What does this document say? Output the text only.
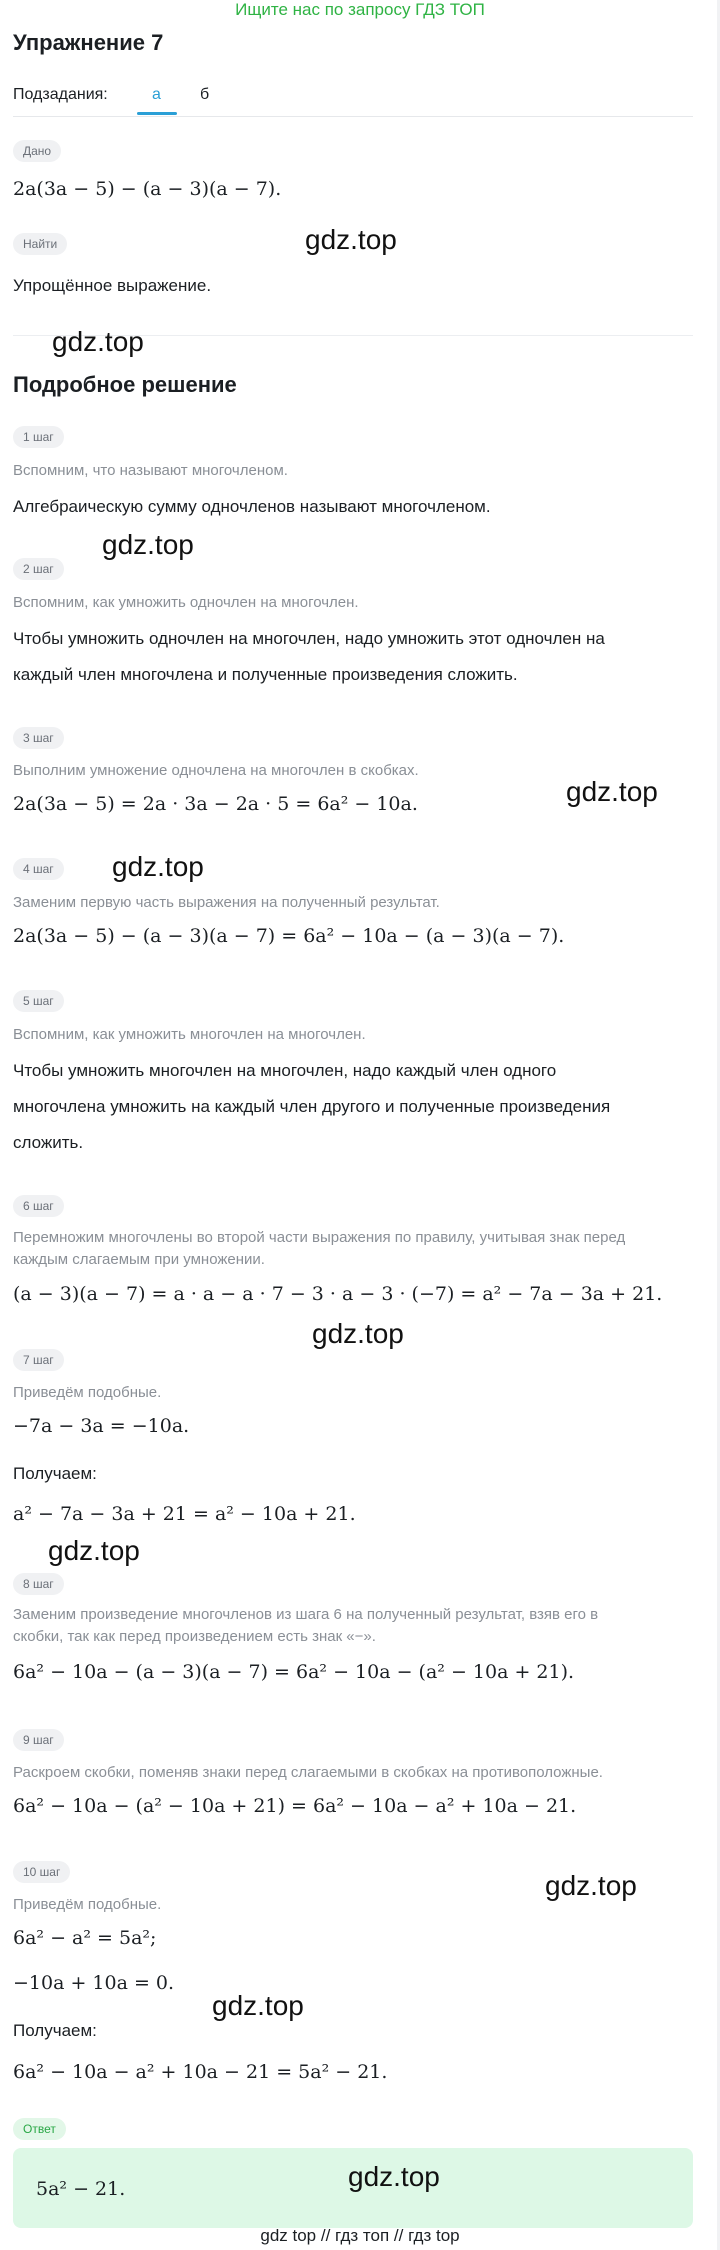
Ищите нас по запросу ГДЗ ТОП
Упражнение 7
Подзадания:	а б
Дано
2a(3a − 5) − (a − 3)(a − 7).
Найти
Упрощённое выражение.
Подробное решение
1 шаг
Вспомним, что называют многочленом.
Алгебраическую сумму одночленов называют многочленом.
2 шаг
Вспомним, как умножить одночлен на многочлен.
Чтобы умножить одночлен на многочлен, надо умножить этот одночлен на
каждый член многочлена и полученные произведения сложить.
3 шаг
Выполним умножение одночлена на многочлен в скобках.
2a(3a − 5) = 2a · 3a − 2a · 5 = 6a² − 10a.
4 шаг
Заменим первую часть выражения на полученный результат.
2a(3a − 5) − (a − 3)(a − 7) = 6a² − 10a − (a − 3)(a − 7).
5 шаг
Вспомним, как умножить многочлен на многочлен.
Чтобы умножить многочлен на многочлен, надо каждый член одного
многочлена умножить на каждый член другого и полученные произведения
сложить.
6 шаг
Перемножим многочлены во второй части выражения по правилу, учитывая знак перед
каждым слагаемым при умножении.
(a − 3)(a − 7) = a · a − a · 7 − 3 · a − 3 · (−7) = a² − 7a − 3a + 21.
7 шаг
Приведём подобные.
−7a − 3a = −10a.
Получаем:
a² − 7a − 3a + 21 = a² − 10a + 21.
8 шаг
Заменим произведение многочленов из шага 6 на полученный результат, взяв его в
скобки, так как перед произведением есть знак «−».
6a² − 10a − (a − 3)(a − 7) = 6a² − 10a − (a² − 10a + 21).
9 шаг
Раскроем скобки, поменяв знаки перед слагаемыми в скобках на противоположные.
6a² − 10a − (a² − 10a + 21) = 6a² − 10a − a² + 10a − 21.
10 шаг
Приведём подобные.
6a² − a² = 5a²;
−10a + 10a = 0.
Получаем:
6a² − 10a − a² + 10a − 21 = 5a² − 21.
Ответ
5a² − 21.
gdz.top
gdz.top
gdz.top
gdz.top
gdz.top
gdz.top
gdz.top
gdz.top
gdz.top
gdz.top
gdz top // гдз топ // гдз top
